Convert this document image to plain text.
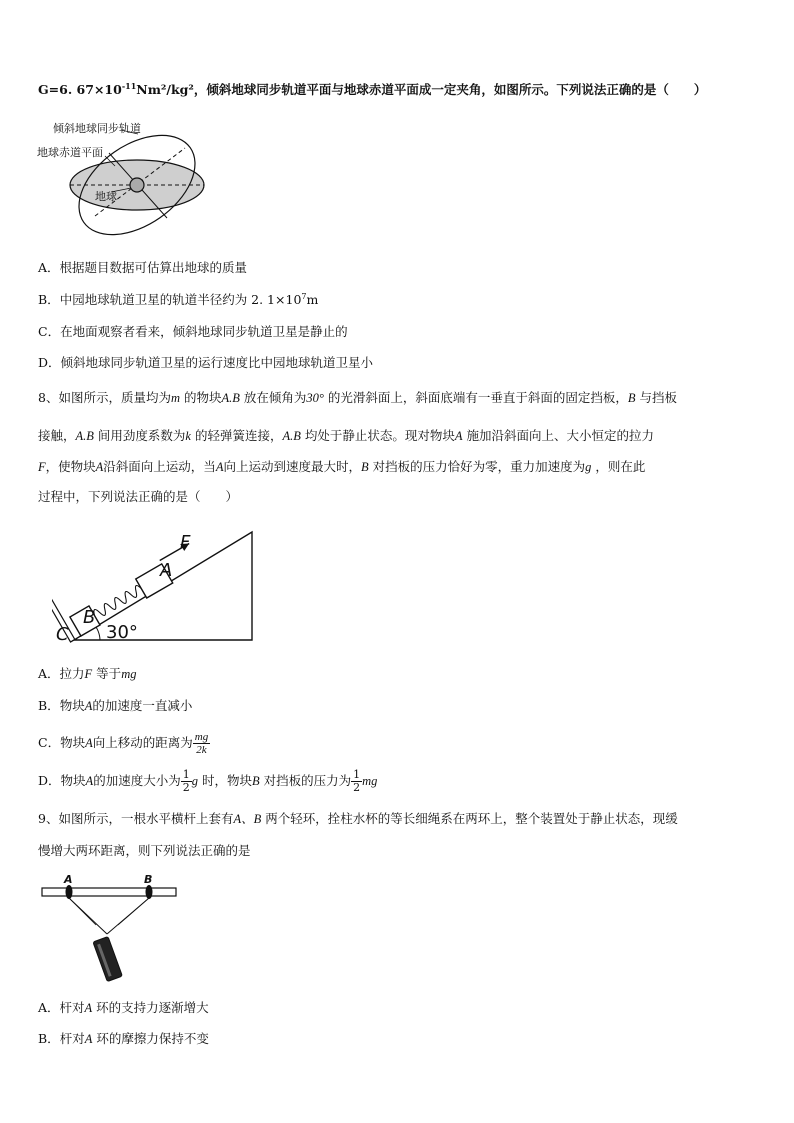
G=6. $67\times 10^{-11}Nm^2$/kg²，倾斜地球同步轨道平面与地球赤道平面成一定夹角，如图所示。下列说法正确的是（　　）
倾斜地球同步轨道
地球赤道平面
地球
A．根据题目数据可估算出地球的质量
B．中园地球轨道卫星的轨道半径约为 2. $1\times 10^7m$
C．在地面观察者看来，倾斜地球同步轨道卫星是静止的
D．倾斜地球同步轨道卫星的运行速度比中园地球轨道卫星小
8、如图所示，质量均为m 的物块A.B 放在倾角为30° 的光滑斜面上，斜面底端有一垂直于斜面的固定挡板，B 与挡板
接触，A.B 间用劲度系数为k 的轻弹簧连接，A.B 均处于静止状态。现对物块A 施加沿斜面向上、大小恒定的拉力
F，使物块A沿斜面向上运动，当A向上运动到速度最大时，B 对挡板的压力恰好为零，重力加速度为g ，则在此
过程中，下列说法正确的是（　　）
F
A
B
C 30°
A．拉力F 等于mg
B．物块A的加速度一直减小
C．物块A向上移动的距离为 $\frac{mg}{2k}$
D．物块A的加速度大小为 $\frac{1}{2}$ g 时，物块B 对挡板的压力为 $\frac{1}{2}$ mg
9、如图所示，一根水平横杆上套有A、B 两个轻环，拴柱水杯的等长细绳系在两环上，整个装置处于静止状态，现缓
慢增大两环距离，则下列说法正确的是
A	B
A．杆对A 环的支持力逐渐增大
B．杆对A 环的摩擦力保持不变
